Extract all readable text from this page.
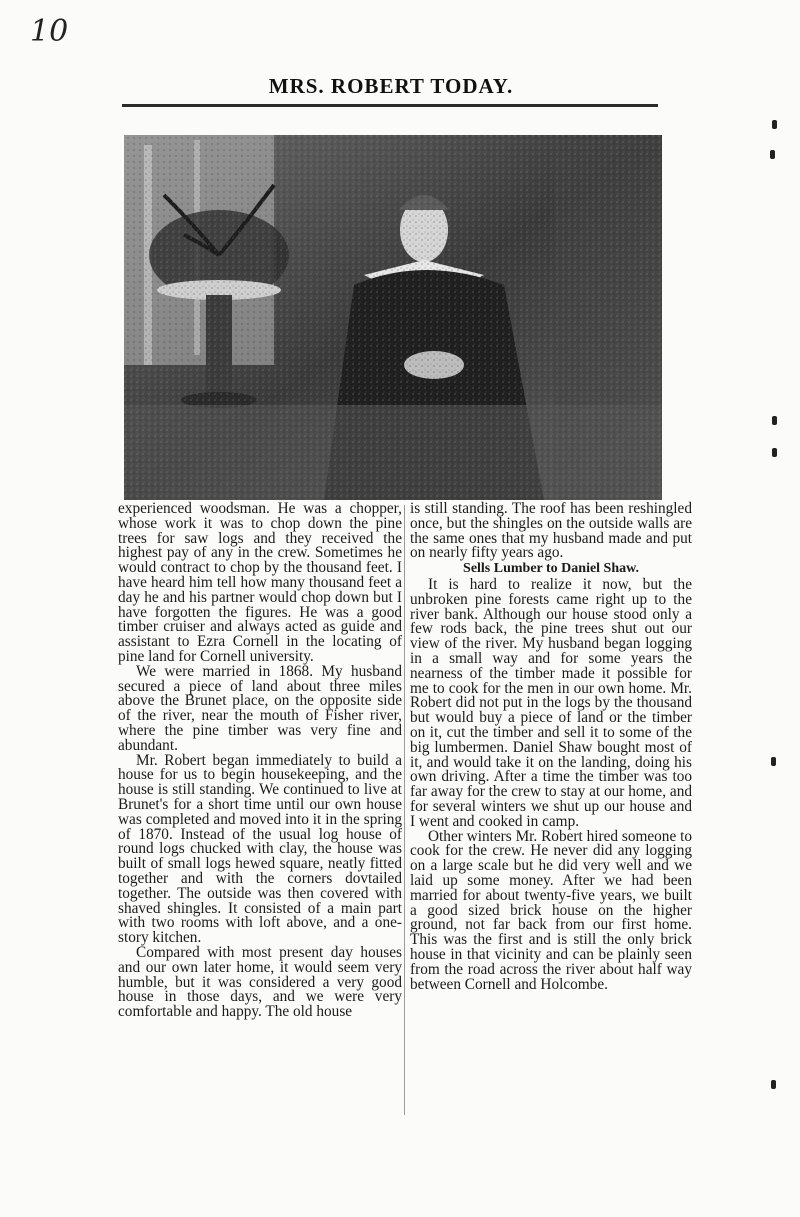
10
MRS. ROBERT TODAY.

experienced woodsman. He was a chopper, whose work it was to chop down the pine trees for saw logs and they received the highest pay of any in the crew. Sometimes he would contract to chop by the thousand feet. I have heard him tell how many thousand feet a day he and his partner would chop down but I have forgotten the figures. He was a good timber cruiser and always acted as guide and assistant to Ezra Cornell in the locating of pine land for Cornell university.

We were married in 1868. My husband secured a piece of land about three miles above the Brunet place, on the opposite side of the river, near the mouth of Fisher river, where the pine timber was very fine and abundant.

Mr. Robert began immediately to build a house for us to begin housekeeping, and the house is still standing. We continued to live at Brunet's for a short time until our own house was completed and moved into it in the spring of 1870. Instead of the usual log house of round logs chucked with clay, the house was built of small logs hewed square, neatly fitted together and with the corners dovtailed together. The outside was then covered with shaved shingles. It consisted of a main part with two rooms with loft above, and a one-story kitchen.

Compared with most present day houses and our own later home, it would seem very humble, but it was considered a very good house in those days, and we were very comfortable and happy. The old house

is still standing. The roof has been reshingled once, but the shingles on the outside walls are the same ones that my husband made and put on nearly fifty years ago.

Sells Lumber to Daniel Shaw.

It is hard to realize it now, but the unbroken pine forests came right up to the river bank. Although our house stood only a few rods back, the pine trees shut out our view of the river. My husband began logging in a small way and for some years the nearness of the timber made it possible for me to cook for the men in our own home. Mr. Robert did not put in the logs by the thousand but would buy a piece of land or the timber on it, cut the timber and sell it to some of the big lumbermen. Daniel Shaw bought most of it, and would take it on the landing, doing his own driving. After a time the timber was too far away for the crew to stay at our home, and for several winters we shut up our house and I went and cooked in camp.

Other winters Mr. Robert hired someone to cook for the crew. He never did any logging on a large scale but he did very well and we laid up some money. After we had been married for about twenty-five years, we built a good sized brick house on the higher ground, not far back from our first home. This was the first and is still the only brick house in that vicinity and can be plainly seen from the road across the river about half way between Cornell and Holcombe.
